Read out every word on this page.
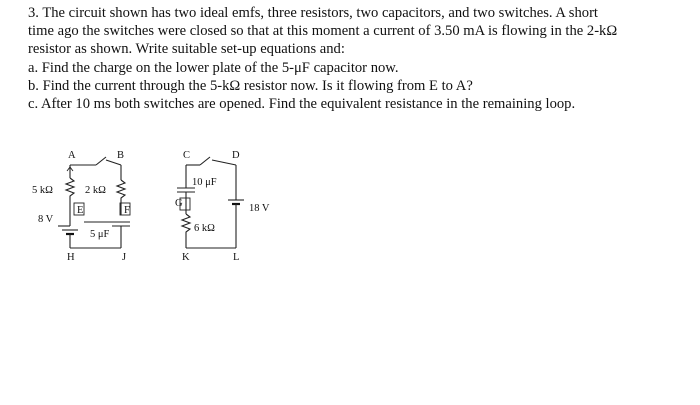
3. The circuit shown has two ideal emfs, three resistors, two capacitors, and two switches. A short

time ago the switches were closed so that at this moment a current of 3.50 mA is flowing in the 2-kΩ

resistor as shown. Write suitable set-up equations and:

a. Find the charge on the lower plate of the 5-μF capacitor now.

b. Find the current through the 5-kΩ resistor now. Is it flowing from E to A?

c. After 10 ms both switches are opened. Find the equivalent resistance in the remaining loop.

A	B	C	D
E	F
G
H	J	K	L
5 kΩ	2 kΩ
6 kΩ
5 μF
10 μF
8 V
18 V
